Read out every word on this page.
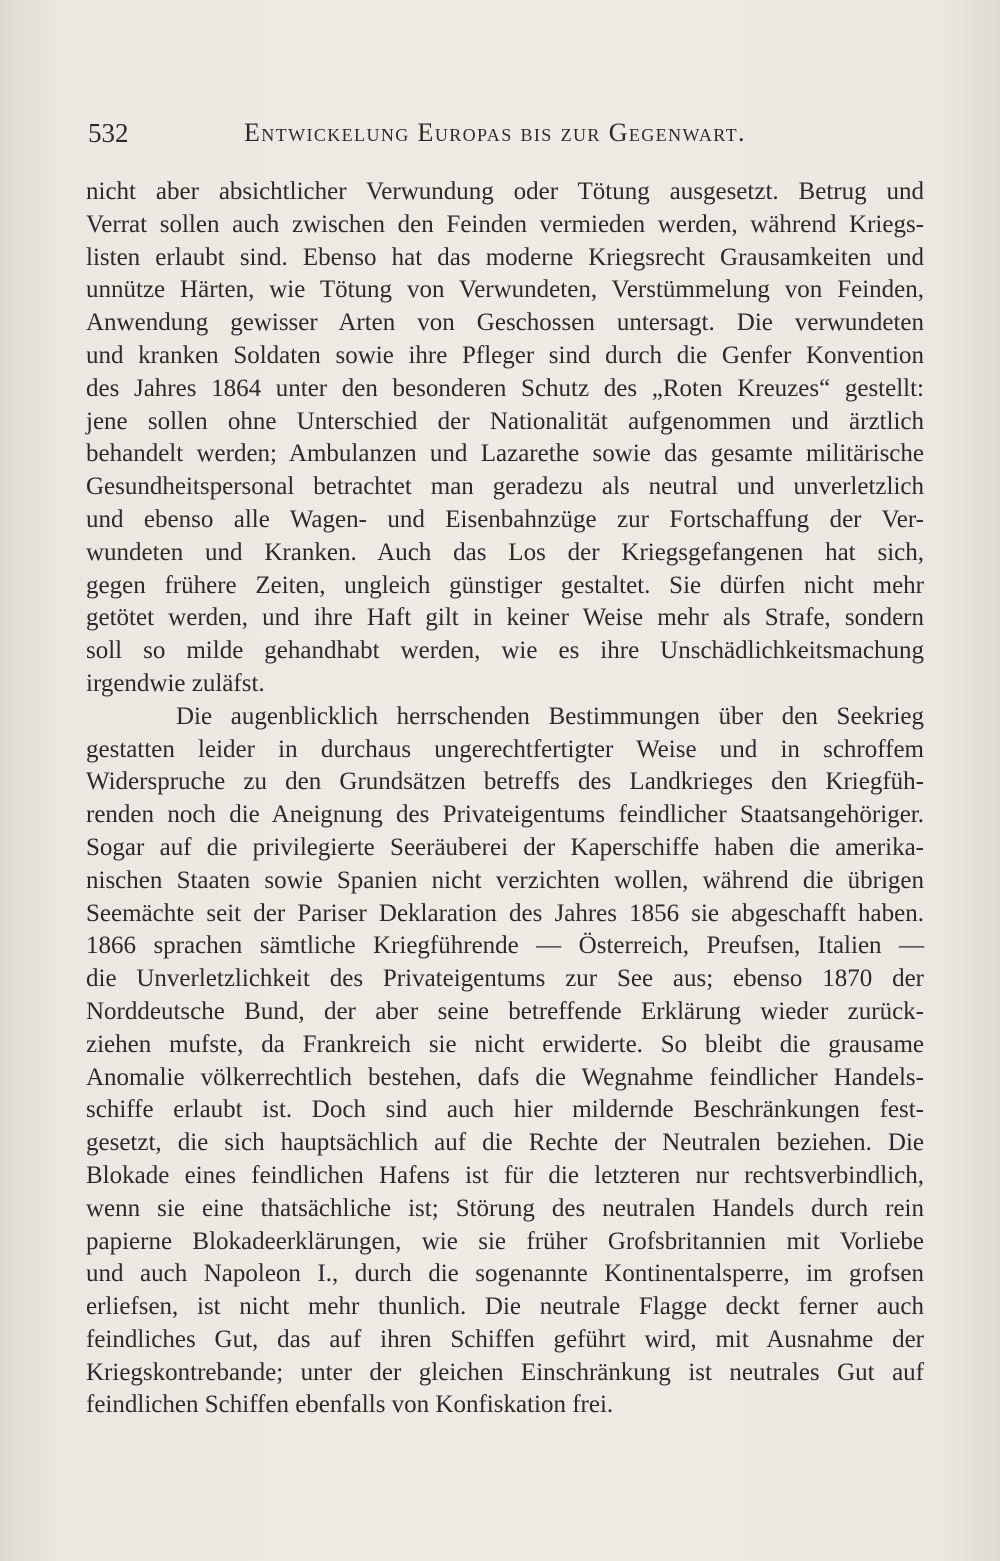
532	Entwickelung Europas bis zur Gegenwart.
nicht aber absichtlicher Verwundung oder Tötung ausgesetzt. Betrug und
Verrat sollen auch zwischen den Feinden vermieden werden, während Kriegs-
listen erlaubt sind. Ebenso hat das moderne Kriegsrecht Grausamkeiten und
unnütze Härten, wie Tötung von Verwundeten, Verstümmelung von Feinden,
Anwendung gewisser Arten von Geschossen untersagt. Die verwundeten
und kranken Soldaten sowie ihre Pfleger sind durch die Genfer Konvention
des Jahres 1864 unter den besonderen Schutz des „Roten Kreuzes“ gestellt:
jene sollen ohne Unterschied der Nationalität aufgenommen und ärztlich
behandelt werden; Ambulanzen und Lazarethe sowie das gesamte militärische
Gesundheitspersonal betrachtet man geradezu als neutral und unverletzlich
und ebenso alle Wagen- und Eisenbahnzüge zur Fortschaffung der Ver-
wundeten und Kranken. Auch das Los der Kriegsgefangenen hat sich,
gegen frühere Zeiten, ungleich günstiger gestaltet. Sie dürfen nicht mehr
getötet werden, und ihre Haft gilt in keiner Weise mehr als Strafe, sondern
soll so milde gehandhabt werden, wie es ihre Unschädlichkeitsmachung
irgendwie zuläfst.
Die augenblicklich herrschenden Bestimmungen über den Seekrieg
gestatten leider in durchaus ungerechtfertigter Weise und in schroffem
Widerspruche zu den Grundsätzen betreffs des Landkrieges den Kriegfüh-
renden noch die Aneignung des Privateigentums feindlicher Staatsangehöriger.
Sogar auf die privilegierte Seeräuberei der Kaperschiffe haben die amerika-
nischen Staaten sowie Spanien nicht verzichten wollen, während die übrigen
Seemächte seit der Pariser Deklaration des Jahres 1856 sie abgeschafft haben.
1866 sprachen sämtliche Kriegführende — Österreich, Preufsen, Italien —
die Unverletzlichkeit des Privateigentums zur See aus; ebenso 1870 der
Norddeutsche Bund, der aber seine betreffende Erklärung wieder zurück-
ziehen mufste, da Frankreich sie nicht erwiderte. So bleibt die grausame
Anomalie völkerrechtlich bestehen, dafs die Wegnahme feindlicher Handels-
schiffe erlaubt ist. Doch sind auch hier mildernde Beschränkungen fest-
gesetzt, die sich hauptsächlich auf die Rechte der Neutralen beziehen. Die
Blokade eines feindlichen Hafens ist für die letzteren nur rechtsverbindlich,
wenn sie eine thatsächliche ist; Störung des neutralen Handels durch rein
papierne Blokadeerklärungen, wie sie früher Grofsbritannien mit Vorliebe
und auch Napoleon I., durch die sogenannte Kontinentalsperre, im grofsen
erliefsen, ist nicht mehr thunlich. Die neutrale Flagge deckt ferner auch
feindliches Gut, das auf ihren Schiffen geführt wird, mit Ausnahme der
Kriegskontrebande; unter der gleichen Einschränkung ist neutrales Gut auf
feindlichen Schiffen ebenfalls von Konfiskation frei.
